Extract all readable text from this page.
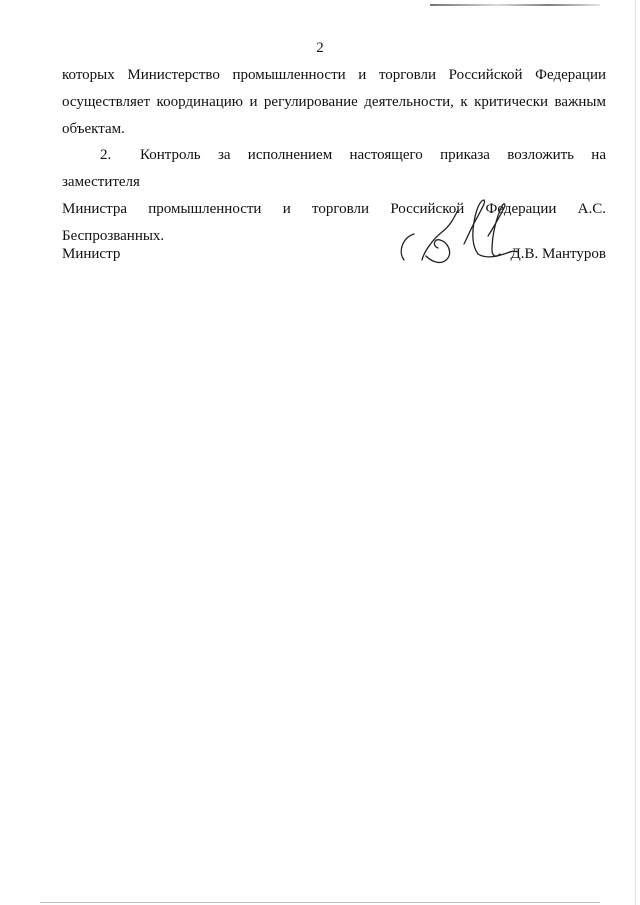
2
которых Министерство промышленности и торговли Российской Федерации
осуществляет координацию и регулирование деятельности, к критически важным
объектам.
2. Контроль за исполнением настоящего приказа возложить на заместителя
Министра промышленности и торговли Российской Федерации А.С. Беспрозванных.
Министр	Д.В. Мантуров
